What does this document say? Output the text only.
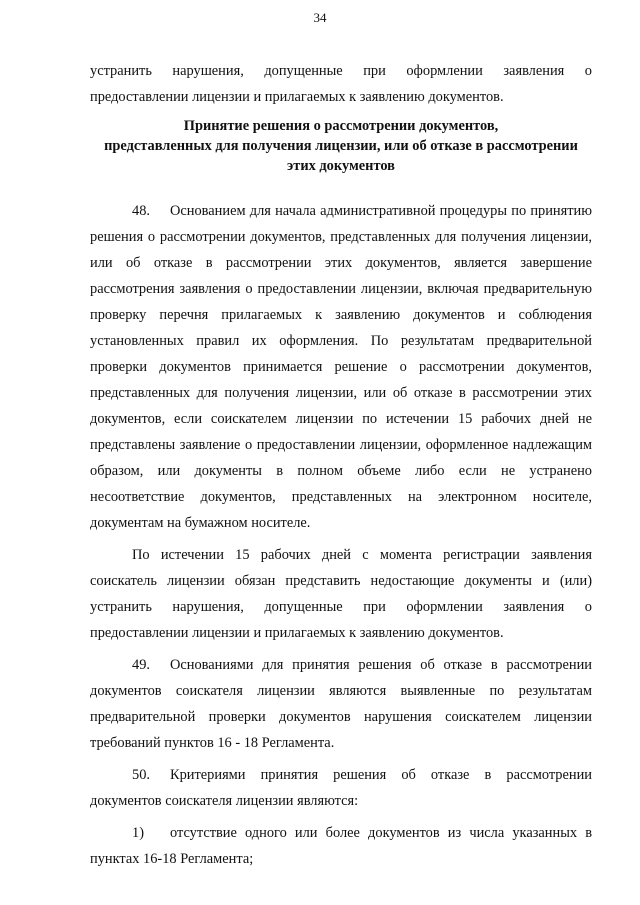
34

устранить нарушения, допущенные при оформлении заявления о предоставлении лицензии и прилагаемых к заявлению документов.

Принятие решения о рассмотрении документов,
представленных для получения лицензии, или об отказе в рассмотрении
этих документов

48. Основанием для начала административной процедуры по принятию решения о рассмотрении документов, представленных для получения лицензии, или об отказе в рассмотрении этих документов, является завершение рассмотрения заявления о предоставлении лицензии, включая предварительную проверку перечня прилагаемых к заявлению документов и соблюдения установленных правил их оформления. По результатам предварительной проверки документов принимается решение о рассмотрении документов, представленных для получения лицензии, или об отказе в рассмотрении этих документов, если соискателем лицензии по истечении 15 рабочих дней не представлены заявление о предоставлении лицензии, оформленное надлежащим образом, или документы в полном объеме либо если не устранено несоответствие документов, представленных на электронном носителе, документам на бумажном носителе.

По истечении 15 рабочих дней с момента регистрации заявления соискатель лицензии обязан представить недостающие документы и (или) устранить нарушения, допущенные при оформлении заявления о предоставлении лицензии и прилагаемых к заявлению документов.

49. Основаниями для принятия решения об отказе в рассмотрении документов соискателя лицензии являются выявленные по результатам предварительной проверки документов нарушения соискателем лицензии требований пунктов 16 - 18 Регламента.

50. Критериями принятия решения об отказе в рассмотрении документов соискателя лицензии являются:

1) отсутствие одного или более документов из числа указанных в пунктах 16-18 Регламента;
